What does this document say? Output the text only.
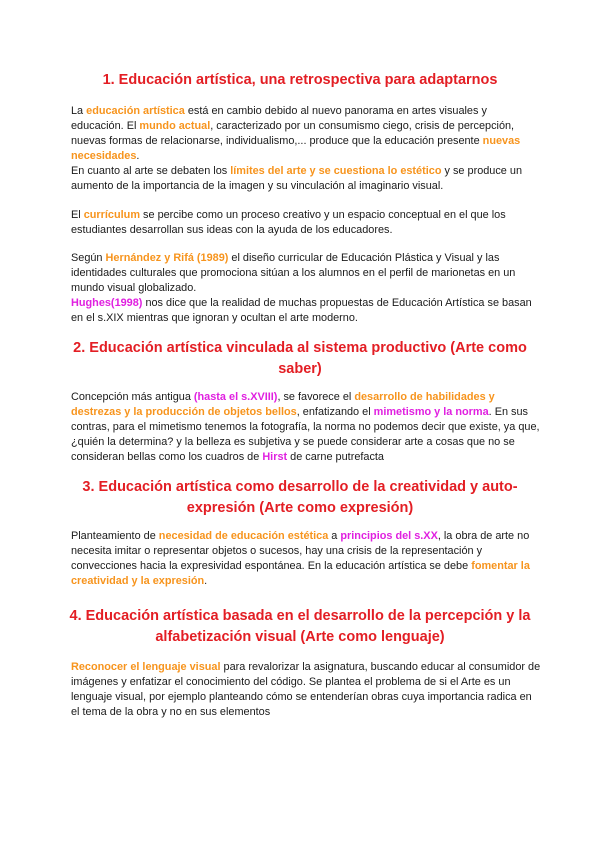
1. Educación artística, una retrospectiva para adaptarnos

La educación artística está en cambio debido al nuevo panorama en artes visuales y educación. El mundo actual, caracterizado por un consumismo ciego, crisis de percepción, nuevas formas de relacionarse, individualismo,... produce que la educación presente nuevas necesidades.
En cuanto al arte se debaten los límites del arte y se cuestiona lo estético y se produce un aumento de la importancia de la imagen y su vinculación al imaginario visual.

El currículum se percibe como un proceso creativo y un espacio conceptual en el que los estudiantes desarrollan sus ideas con la ayuda de los educadores.

Según Hernández y Rifá (1989) el diseño curricular de Educación Plástica y Visual y las identidades culturales que promociona sitúan a los alumnos en el perfil de marionetas en un mundo visual globalizado.
Hughes(1998) nos dice que la realidad de muchas propuestas de Educación Artística se basan en el s.XIX mientras que ignoran y ocultan el arte moderno.

2. Educación artística vinculada al sistema productivo (Arte como saber)

Concepción más antigua (hasta el s.XVIII), se favorece el desarrollo de habilidades y destrezas y la producción de objetos bellos, enfatizando el mimetismo y la norma. En sus contras, para el mimetismo tenemos la fotografía, la norma no podemos decir que existe, ya que, ¿quién la determina? y la belleza es subjetiva y se puede considerar arte a cosas que no se consideran bellas como los cuadros de Hirst de carne putrefacta

3. Educación artística como desarrollo de la creatividad y auto-expresión (Arte como expresión)

Planteamiento de necesidad de educación estética a principios del s.XX, la obra de arte no necesita imitar o representar objetos o sucesos, hay una crisis de la representación y convecciones hacia la expresividad espontánea. En la educación artística se debe fomentar la creatividad y la expresión.

4. Educación artística basada en el desarrollo de la percepción y la alfabetización visual (Arte como lenguaje)

Reconocer el lenguaje visual para revalorizar la asignatura, buscando educar al consumidor de imágenes y enfatizar el conocimiento del código. Se plantea el problema de si el Arte es un lenguaje visual, por ejemplo planteando cómo se entenderían obras cuya importancia radica en el tema de la obra y no en sus elementos
